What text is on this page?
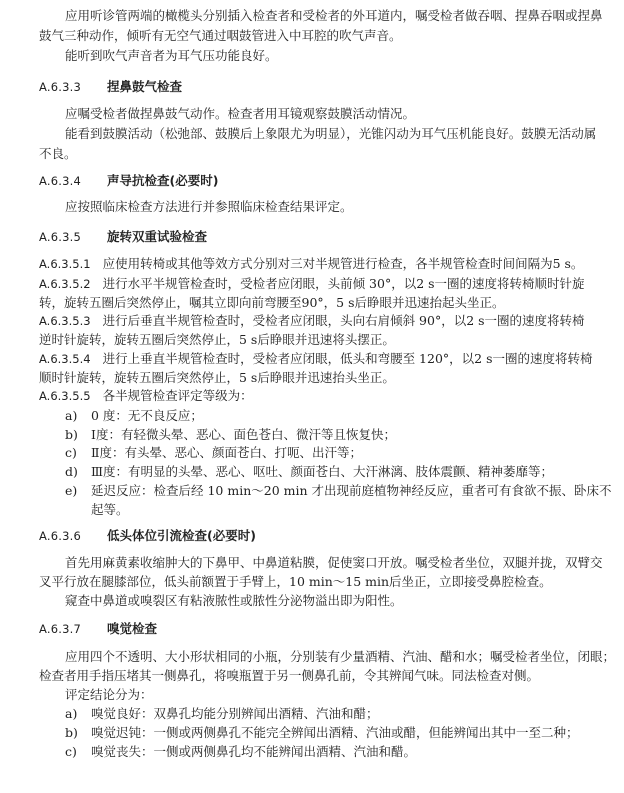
应用听诊管两端的橄榄头分别插入检查者和受检者的外耳道内，嘱受检者做吞咽、捏鼻吞咽或捏鼻
鼓气三种动作，倾听有无空气通过咽鼓管进入中耳腔的吹气声音。
能听到吹气声音者为耳气压功能良好。
A.6.3.3 捏鼻鼓气检查
应嘱受检者做捏鼻鼓气动作。检查者用耳镜观察鼓膜活动情况。
能看到鼓膜活动（松弛部、鼓膜后上象限尤为明显），光锥闪动为耳气压机能良好。鼓膜无活动属
不良。
A.6.3.4 声导抗检查(必要时)
应按照临床检查方法进行并参照临床检查结果评定。
A.6.3.5 旋转双重试验检查
A.6.3.5.1 应使用转椅或其他等效方式分别对三对半规管进行检查，各半规管检查时间间隔为5 s。
A.6.3.5.2 进行水平半规管检查时，受检者应闭眼，头前倾 30°，以2 s一圈的速度将转椅顺时针旋
转，旋转五圈后突然停止，嘱其立即向前弯腰至90°，5 s后睁眼并迅速抬起头坐正。
A.6.3.5.3 进行后垂直半规管检查时，受检者应闭眼，头向右肩倾斜 90°，以2 s一圈的速度将转椅
逆时针旋转，旋转五圈后突然停止，5 s后睁眼并迅速将头摆正。
A.6.3.5.4 进行上垂直半规管检查时，受检者应闭眼，低头和弯腰至 120°，以2 s一圈的速度将转椅
顺时针旋转，旋转五圈后突然停止，5 s后睁眼并迅速抬头坐正。
A.6.3.5.5 各半规管检查评定等级为：
a) 0 度：无不良反应；
b) Ⅰ度：有轻微头晕、恶心、面色苍白、微汗等且恢复快；
c) Ⅱ度：有头晕、恶心、颜面苍白、打呃、出汗等；
d) Ⅲ度：有明显的头晕、恶心、呕吐、颜面苍白、大汗淋漓、肢体震颤、精神萎靡等；
e) 延迟反应：检查后经 10 min～20 min 才出现前庭植物神经反应，重者可有食欲不振、卧床不
起等。
A.6.3.6 低头体位引流检查(必要时)
首先用麻黄素收缩肿大的下鼻甲、中鼻道粘膜，促使窦口开放。嘱受检者坐位，双腿并拢，双臂交
叉平行放在腿膝部位，低头前额置于手臂上，10 min～15 min后坐正，立即接受鼻腔检查。
窥查中鼻道或嗅裂区有粘液脓性或脓性分泌物溢出即为阳性。
A.6.3.7 嗅觉检查
应用四个不透明、大小形状相同的小瓶，分别装有少量酒精、汽油、醋和水；嘱受检者坐位，闭眼；
检查者用手指压堵其一侧鼻孔，将嗅瓶置于另一侧鼻孔前，令其辨闻气味。同法检查对侧。
评定结论分为：
a) 嗅觉良好：双鼻孔均能分别辨闻出酒精、汽油和醋；
b) 嗅觉迟钝：一侧或两侧鼻孔不能完全辨闻出酒精、汽油或醋，但能辨闻出其中一至二种；
c) 嗅觉丧失：一侧或两侧鼻孔均不能辨闻出酒精、汽油和醋。
